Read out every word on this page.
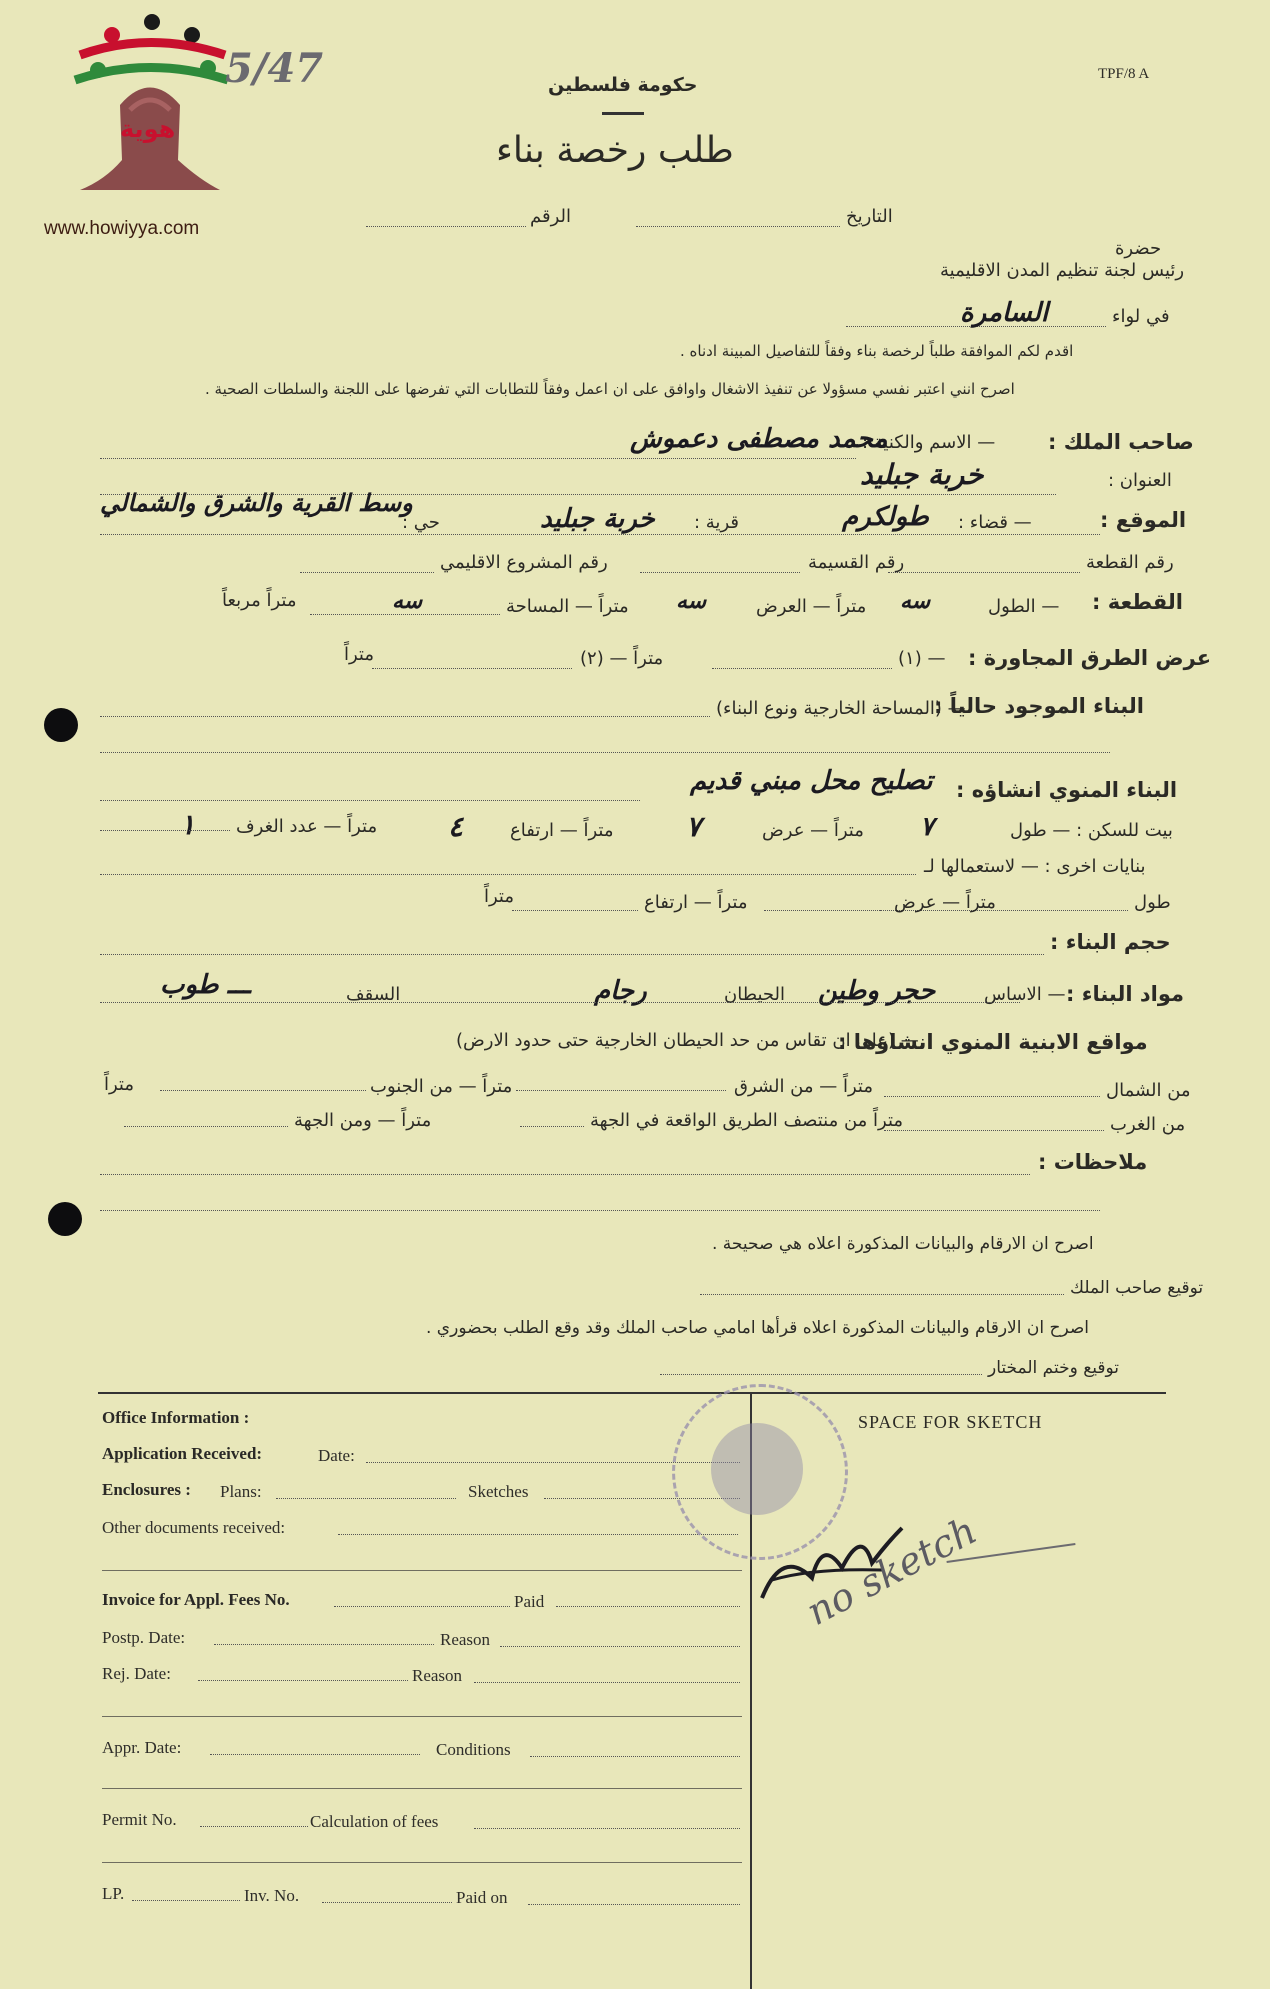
هوية
www.howiyya.com
5/47	TPF/8 A
حكومة فلسطين
طلب رخصة بناء
التاريخ
الرقم
حضرة
رئيس لجنة تنظيم المدن الاقليمية
في لواء
السامرة
اقدم لكم الموافقة طلباً لرخصة بناء وفقاً للتفاصيل المبينة ادناه .
اصرح انني اعتبر نفسي مسؤولا عن تنفيذ الاشغال واوافق على ان اعمل وفقاً للتطابات التي تفرضها على اللجنة والسلطات الصحية .
صاحب الملك :
— الاسم والكنية :
محمد مصطفى دعموش
العنوان :
خربة جبليد
الموقع :
— قضاء :
طولكرم
قرية :
خربة جبليد
حي :
وسط القرية والشرق والشمالي
رقم القطعة
رقم القسيمة
رقم المشروع الاقليمي
القطعة :
— الطول
سه
متراً — العرض
سه
متراً — المساحة
سه
متراً مربعاً
عرض الطرق المجاورة :
— (١)
متراً — (٢)
متراً
البناء الموجود حالياً :
— (المساحة الخارجية ونوع البناء)
البناء المنوي انشاؤه :
تصليح محل مبني قديم
بيت للسكن : — طول
٧
متراً — عرض
٧
متراً — ارتفاع
٤
متراً — عدد الغرف
١
بنايات اخرى : — لاستعمالها لـ
طول
متراً — عرض
متراً — ارتفاع
متراً
حجم البناء :
مواد البناء :
— الاساس
حجر وطين
الحيطان
رجام
السقف
ـــ طوب
مواقع الابنية المنوي انشاؤها :
— (على ان تقاس من حد الحيطان الخارجية حتى حدود الارض)
من الشمال
متراً — من الشرق
متراً — من الجنوب
متراً
من الغرب
متراً من منتصف الطريق الواقعة في الجهة
متراً — ومن الجهة
ملاحظات :
اصرح ان الارقام والبيانات المذكورة اعلاه هي صحيحة .
توقيع صاحب الملك
اصرح ان الارقام والبيانات المذكورة اعلاه قرأها امامي صاحب الملك وقد وقع الطلب بحضوري .
توقيع وختم المختار
Office Information :
Application Received:	Date:
Enclosures : Plans:	Sketches
Other documents received:
Invoice for Appl. Fees No.	Paid
Postp. Date:	Reason
Rej. Date:	Reason
Appr. Date:	Conditions
Permit No.	Calculation of fees
LP.	Inv. No.	Paid on
SPACE FOR SKETCH
no sketch
